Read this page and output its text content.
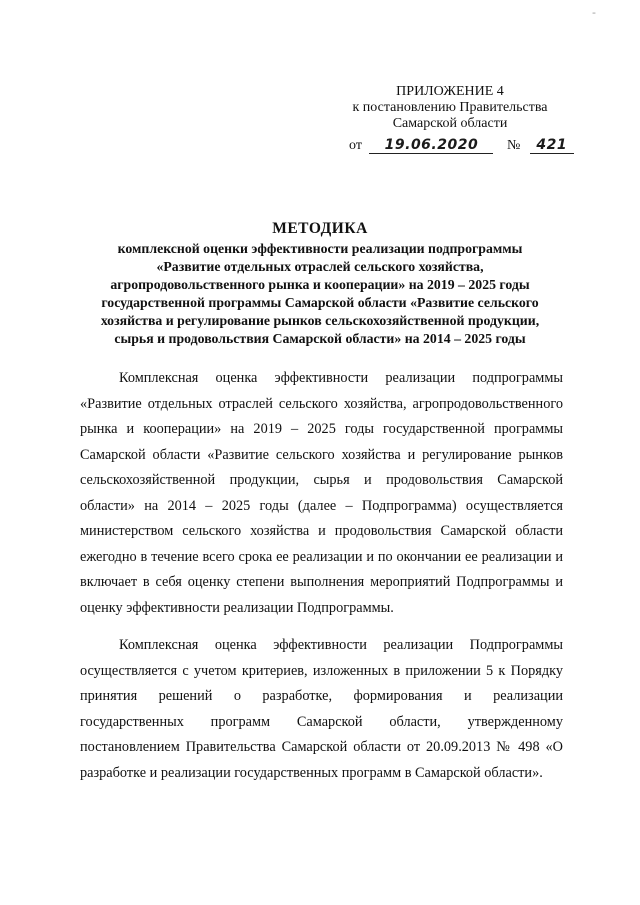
-
ПРИЛОЖЕНИЕ 4
к постановлению Правительства
Самарской области
от 19.06.2020 № 421
МЕТОДИКА
комплексной оценки эффективности реализации подпрограммы
«Развитие отдельных отраслей сельского хозяйства,
агропродовольственного рынка и кооперации» на 2019 – 2025 годы
государственной программы Самарской области «Развитие сельского
хозяйства и регулирование рынков сельскохозяйственной продукции,
сырья и продовольствия Самарской области» на 2014 – 2025 годы

Комплексная оценка эффективности реализации подпрограммы «Развитие отдельных отраслей сельского хозяйства, агропродовольственного рынка и кооперации» на 2019 – 2025 годы государственной программы Самарской области «Развитие сельского хозяйства и регулирование рынков сельскохозяйственной продукции, сырья и продовольствия Самарской области» на 2014 – 2025 годы (далее – Подпрограмма) осуществляется министерством сельского хозяйства и продовольствия Самарской области ежегодно в течение всего срока ее реализации и по окончании ее реализации и включает в себя оценку степени выполнения мероприятий Подпрограммы и оценку эффективности реализации Подпрограммы.

Комплексная оценка эффективности реализации Подпрограммы осуществляется с учетом критериев, изложенных в приложении 5 к Порядку принятия решений о разработке, формирования и реализации государственных программ Самарской области, утвержденному постановлением Правительства Самарской области от 20.09.2013 № 498 «О разработке и реализации государственных программ в Самарской области».
